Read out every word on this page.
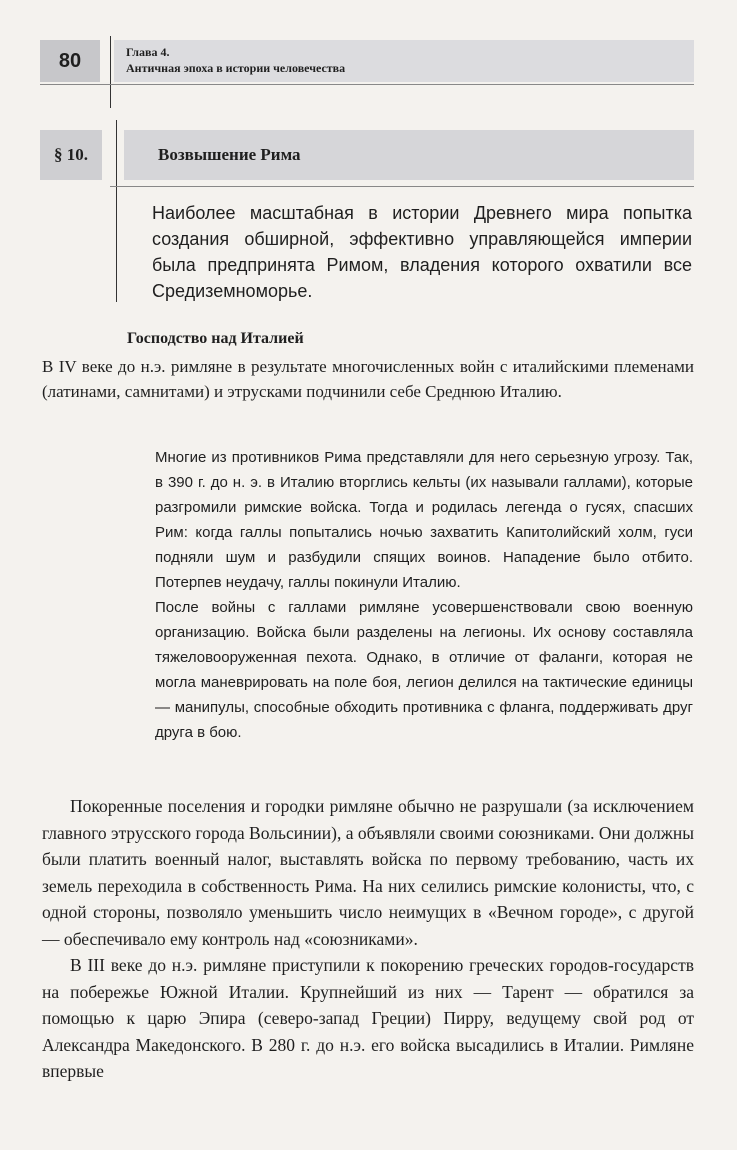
80	Глава 4.
Античная эпоха в истории человечества
§ 10.	Возвышение Рима
Наиболее масштабная в истории Древнего мира попытка создания обширной, эффективно управляющейся империи была предпринята Римом, владения которого охватили все Средиземноморье.
Господство над Италией
В IV веке до н.э. римляне в результате многочисленных войн с италийскими племенами (латинами, самнитами) и этрусками подчинили себе Среднюю Италию.

Многие из противников Рима представляли для него серьезную угрозу. Так, в 390 г. до н. э. в Италию вторглись кельты (их называли галлами), которые разгромили римские войска. Тогда и родилась легенда о гусях, спасших Рим: когда галлы попытались ночью захватить Капитолийский холм, гуси подняли шум и разбудили спящих воинов. Нападение было отбито. Потерпев неудачу, галлы покинули Италию.

После войны с галлами римляне усовершенствовали свою военную организацию. Войска были разделены на легионы. Их основу составляла тяжеловооруженная пехота. Однако, в отличие от фаланги, которая не могла маневрировать на поле боя, легион делился на тактические единицы — манипулы, способные обходить противника с фланга, поддерживать друг друга в бою.

Покоренные поселения и городки римляне обычно не разрушали (за исключением главного этрусского города Вольсинии), а объявляли своими союзниками. Они должны были платить военный налог, выставлять войска по первому требованию, часть их земель переходила в собственность Рима. На них селились римские колонисты, что, с одной стороны, позволяло уменьшить число неимущих в «Вечном городе», с другой — обеспечивало ему контроль над «союзниками».

В III веке до н.э. римляне приступили к покорению греческих городов-государств на побережье Южной Италии. Крупнейший из них — Тарент — обратился за помощью к царю Эпира (северо-запад Греции) Пирру, ведущему свой род от Александра Македонского. В 280 г. до н.э. его войска высадились в Италии. Римляне впервые
